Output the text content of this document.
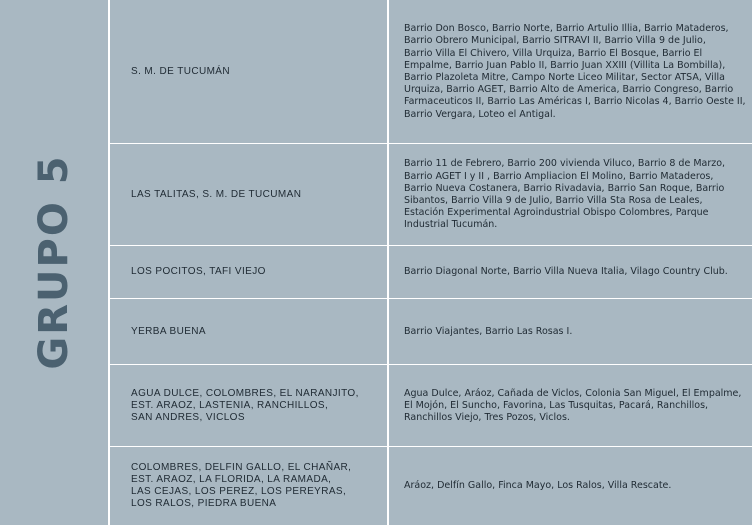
GRUPO 5
S. M. DE TUCUMÁN
Barrio Don Bosco, Barrio Norte, Barrio Artulio Illia, Barrio Mataderos,
Barrio Obrero Municipal, Barrio SITRAVI II, Barrio Villa 9 de Julio,
Barrio Villa El Chivero, Villa Urquiza, Barrio El Bosque, Barrio El
Empalme, Barrio Juan Pablo II, Barrio Juan XXIII (Villita La Bombilla),
Barrio Plazoleta Mitre, Campo Norte Liceo Militar, Sector ATSA, Villa
Urquiza, Barrio AGET, Barrio Alto de America, Barrio Congreso, Barrio
Farmaceuticos II, Barrio Las Américas I, Barrio Nicolas 4, Barrio Oeste II,
Barrio Vergara, Loteo el Antigal.
LAS TALITAS, S. M. DE TUCUMAN
Barrio 11 de Febrero, Barrio 200 vivienda Viluco, Barrio 8 de Marzo,
Barrio AGET I y II , Barrio Ampliacion El Molino, Barrio Mataderos,
Barrio Nueva Costanera, Barrio Rivadavia, Barrio San Roque, Barrio
Sibantos, Barrio Villa 9 de Julio, Barrio Villa Sta Rosa de Leales,
Estación Experimental Agroindustrial Obispo Colombres, Parque
Industrial Tucumán.
LOS POCITOS, TAFI VIEJO	Barrio Diagonal Norte, Barrio Villa Nueva Italia, Vilago Country Club.
YERBA BUENA	Barrio Viajantes, Barrio Las Rosas I.
AGUA DULCE, COLOMBRES, EL NARANJITO,
EST. ARAOZ, LASTENIA, RANCHILLOS,
SAN ANDRES, VICLOS
Agua Dulce, Aráoz, Cañada de Viclos, Colonia San Miguel, El Empalme,
El Mojón, El Suncho, Favorina, Las Tusquitas, Pacará, Ranchillos,
Ranchillos Viejo, Tres Pozos, Viclos.
COLOMBRES, DELFIN GALLO, EL CHAÑAR,
EST. ARAOZ, LA FLORIDA, LA RAMADA,
LAS CEJAS, LOS PEREZ, LOS PEREYRAS,
LOS RALOS, PIEDRA BUENA
Aráoz, Delfín Gallo, Finca Mayo, Los Ralos, Villa Rescate.
